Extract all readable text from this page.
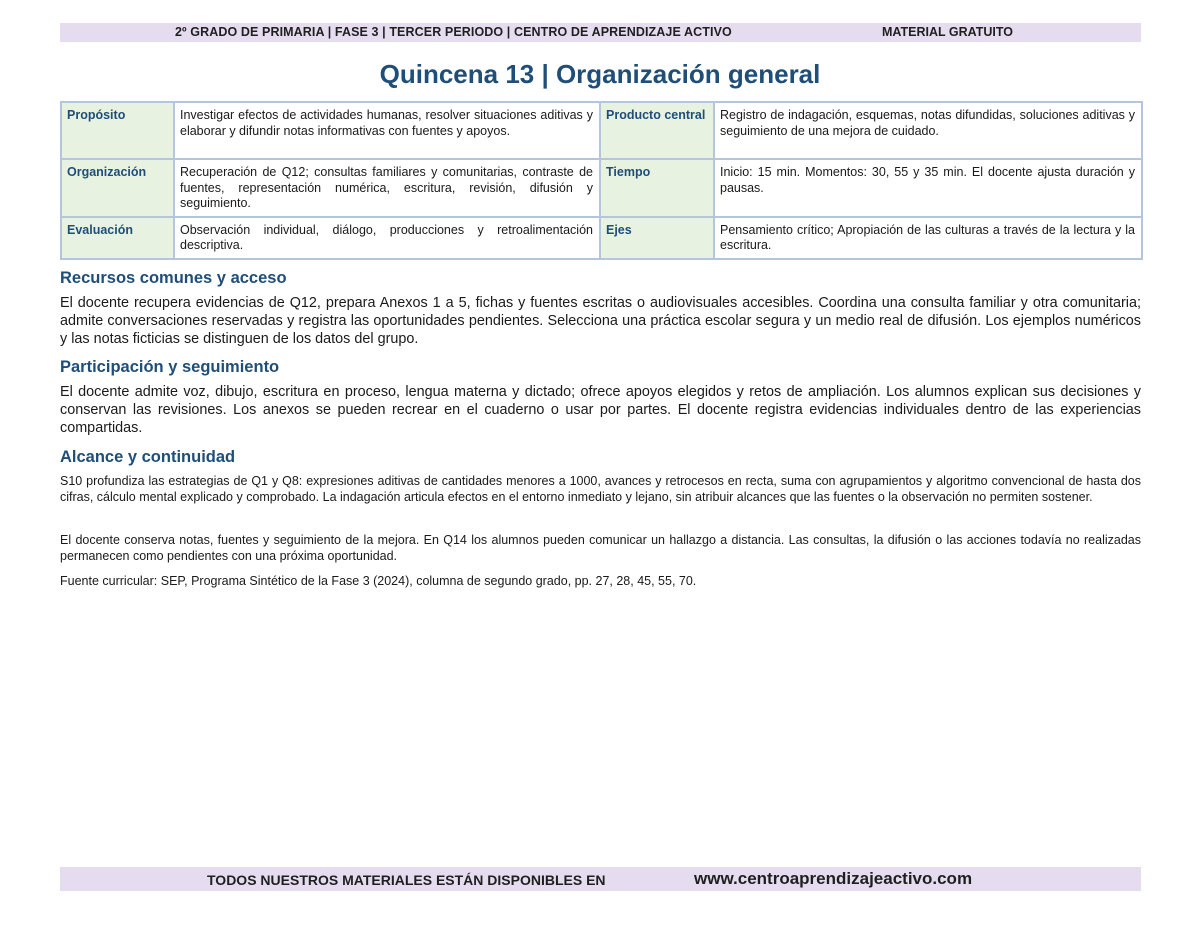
2º GRADO DE PRIMARIA | FASE 3 | TERCER PERIODO | CENTRO DE APRENDIZAJE ACTIVO	MATERIAL GRATUITO
Quincena 13 | Organización general
Propósito	Investigar efectos de actividades humanas, resolver situaciones aditivas y elaborar y difundir notas informativas con fuentes y apoyos.	Producto central	Registro de indagación, esquemas, notas difundidas, soluciones aditivas y seguimiento de una mejora de cuidado.
Organización	Recuperación de Q12; consultas familiares y comunitarias, contraste de fuentes, representación numérica, escritura, revisión, difusión y seguimiento.	Tiempo	Inicio: 15 min. Momentos: 30, 55 y 35 min. El docente ajusta duración y pausas.
Evaluación	Observación individual, diálogo, producciones y retroalimentación descriptiva.	Ejes	Pensamiento crítico; Apropiación de las culturas a través de la lectura y la escritura.
Recursos comunes y acceso
El docente recupera evidencias de Q12, prepara Anexos 1 a 5, fichas y fuentes escritas o audiovisuales accesibles. Coordina una consulta familiar y otra comunitaria; admite conversaciones reservadas y registra las oportunidades pendientes. Selecciona una práctica escolar segura y un medio real de difusión. Los ejemplos numéricos y las notas ficticias se distinguen de los datos del grupo.
Participación y seguimiento
El docente admite voz, dibujo, escritura en proceso, lengua materna y dictado; ofrece apoyos elegidos y retos de ampliación. Los alumnos explican sus decisiones y conservan las revisiones. Los anexos se pueden recrear en el cuaderno o usar por partes. El docente registra evidencias individuales dentro de las experiencias compartidas.
Alcance y continuidad
S10 profundiza las estrategias de Q1 y Q8: expresiones aditivas de cantidades menores a 1000, avances y retrocesos en recta, suma con agrupamientos y algoritmo convencional de hasta dos cifras, cálculo mental explicado y comprobado. La indagación articula efectos en el entorno inmediato y lejano, sin atribuir alcances que las fuentes o la observación no permiten sostener.
El docente conserva notas, fuentes y seguimiento de la mejora. En Q14 los alumnos pueden comunicar un hallazgo a distancia. Las consultas, la difusión o las acciones todavía no realizadas permanecen como pendientes con una próxima oportunidad.
Fuente curricular: SEP, Programa Sintético de la Fase 3 (2024), columna de segundo grado, pp. 27, 28, 45, 55, 70.
TODOS NUESTROS MATERIALES ESTÁN DISPONIBLES EN	www.centroaprendizajeactivo.com
